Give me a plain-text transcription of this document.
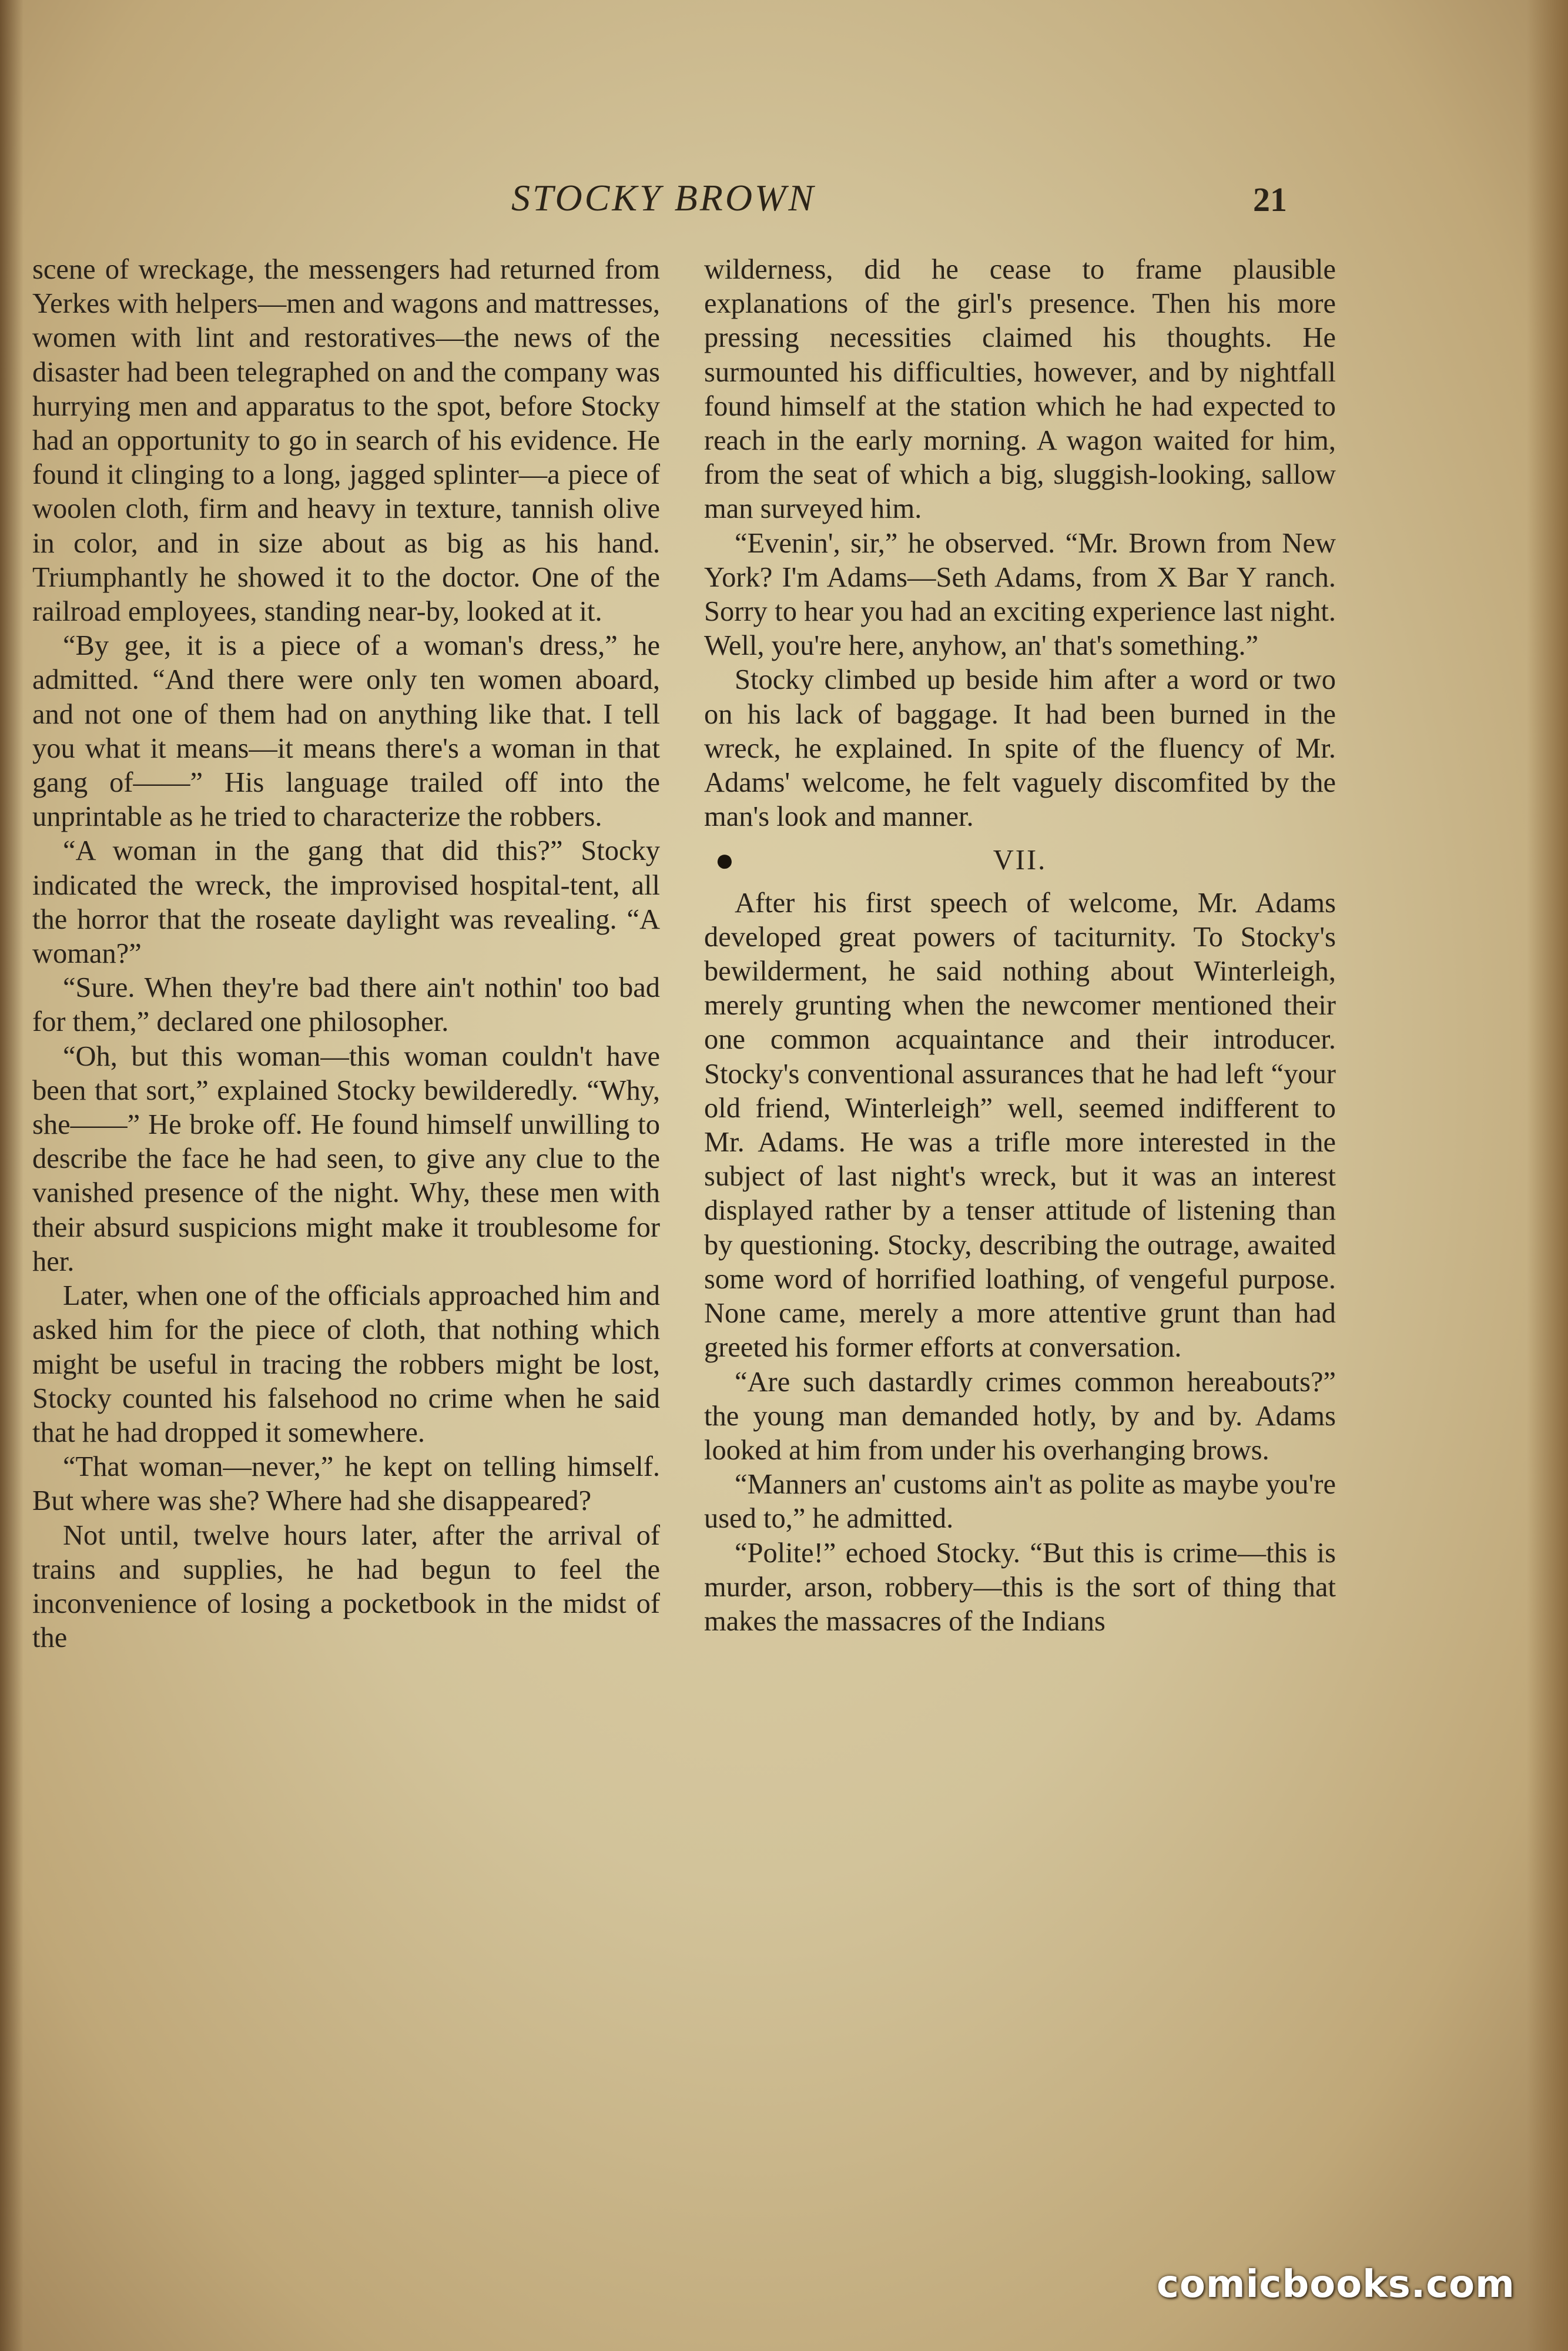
STOCKY BROWN	21

scene of wreckage, the messengers had returned from Yerkes with helpers—men and wagons and mattresses, women with lint and restoratives—the news of the disaster had been telegraphed on and the company was hurrying men and apparatus to the spot, before Stocky had an opportunity to go in search of his evidence. He found it clinging to a long, jagged splinter—a piece of woolen cloth, firm and heavy in texture, tannish olive in color, and in size about as big as his hand. Triumphantly he showed it to the doctor. One of the railroad employees, standing near-by, looked at it.

“By gee, it is a piece of a woman's dress,” he admitted. “And there were only ten women aboard, and not one of them had on anything like that. I tell you what it means—it means there's a woman in that gang of——” His language trailed off into the unprintable as he tried to characterize the robbers.

“A woman in the gang that did this?” Stocky indicated the wreck, the improvised hospital-tent, all the horror that the roseate daylight was revealing. “A woman?”

“Sure. When they're bad there ain't nothin' too bad for them,” declared one philosopher.

“Oh, but this woman—this woman couldn't have been that sort,” explained Stocky bewilderedly. “Why, she——” He broke off. He found himself unwilling to describe the face he had seen, to give any clue to the vanished presence of the night. Why, these men with their absurd suspicions might make it troublesome for her.

Later, when one of the officials approached him and asked him for the piece of cloth, that nothing which might be useful in tracing the robbers might be lost, Stocky counted his falsehood no crime when he said that he had dropped it somewhere.

“That woman—never,” he kept on telling himself. But where was she? Where had she disappeared?

Not until, twelve hours later, after the arrival of trains and supplies, he had begun to feel the inconvenience of losing a pocketbook in the midst of the

wilderness, did he cease to frame plausible explanations of the girl's presence. Then his more pressing necessities claimed his thoughts. He surmounted his difficulties, however, and by nightfall found himself at the station which he had expected to reach in the early morning. A wagon waited for him, from the seat of which a big, sluggish-looking, sallow man surveyed him.

“Evenin', sir,” he observed. “Mr. Brown from New York? I'm Adams—Seth Adams, from X Bar Y ranch. Sorry to hear you had an exciting experience last night. Well, you're here, anyhow, an' that's something.”

Stocky climbed up beside him after a word or two on his lack of baggage. It had been burned in the wreck, he explained. In spite of the fluency of Mr. Adams' welcome, he felt vaguely discomfited by the man's look and manner.

●	VII.

After his first speech of welcome, Mr. Adams developed great powers of taciturnity. To Stocky's bewilderment, he said nothing about Winterleigh, merely grunting when the newcomer mentioned their one common acquaintance and their introducer. Stocky's conventional assurances that he had left “your old friend, Winterleigh” well, seemed indifferent to Mr. Adams. He was a trifle more interested in the subject of last night's wreck, but it was an interest displayed rather by a tenser attitude of listening than by questioning. Stocky, describing the outrage, awaited some word of horrified loathing, of vengeful purpose. None came, merely a more attentive grunt than had greeted his former efforts at conversation.

“Are such dastardly crimes common hereabouts?” the young man demanded hotly, by and by. Adams looked at him from under his overhanging brows.

“Manners an' customs ain't as polite as maybe you're used to,” he admitted.

“Polite!” echoed Stocky. “But this is crime—this is murder, arson, robbery—this is the sort of thing that makes the massacres of the Indians

comicbooks.com
